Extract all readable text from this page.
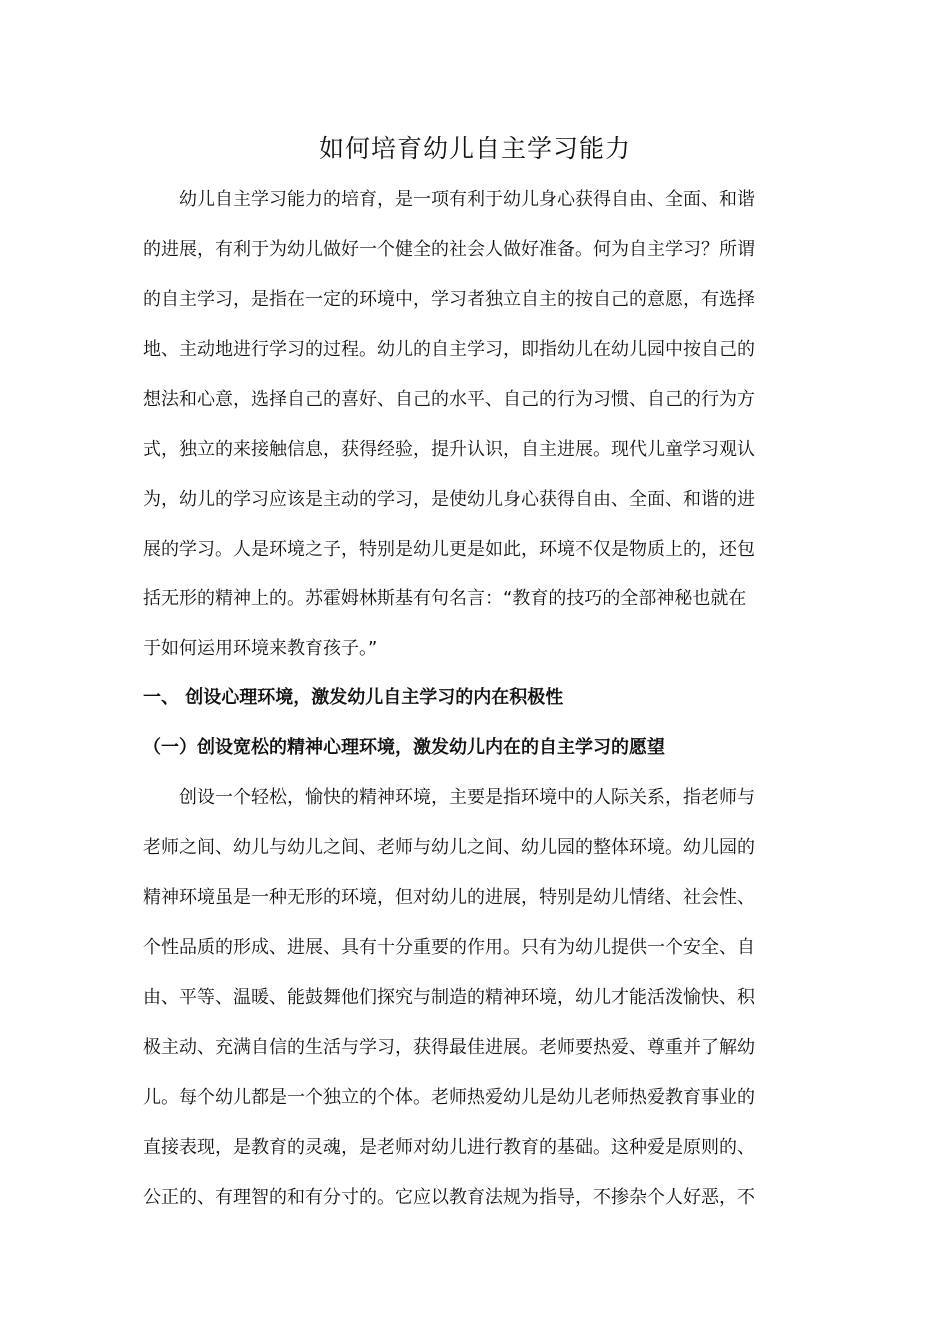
如何培育幼儿自主学习能力
　　幼儿自主学习能力的培育，是一项有利于幼儿身心获得自由、全面、和谐
的进展，有利于为幼儿做好一个健全的社会人做好准备。何为自主学习？所谓
的自主学习，是指在一定的环境中，学习者独立自主的按自己的意愿，有选择
地、主动地进行学习的过程。幼儿的自主学习，即指幼儿在幼儿园中按自己的
想法和心意，选择自己的喜好、自己的水平、自己的行为习惯、自己的行为方
式，独立的来接触信息，获得经验，提升认识，自主进展。现代儿童学习观认
为，幼儿的学习应该是主动的学习，是使幼儿身心获得自由、全面、和谐的进
展的学习。人是环境之子，特别是幼儿更是如此，环境不仅是物质上的，还包
括无形的精神上的。苏霍姆林斯基有句名言：“教育的技巧的全部神秘也就在
于如何运用环境来教育孩子。”
一、 创设心理环境，激发幼儿自主学习的内在积极性
（一）创设宽松的精神心理环境，激发幼儿内在的自主学习的愿望
　　创设一个轻松，愉快的精神环境，主要是指环境中的人际关系，指老师与
老师之间、幼儿与幼儿之间、老师与幼儿之间、幼儿园的整体环境。幼儿园的
精神环境虽是一种无形的环境，但对幼儿的进展，特别是幼儿情绪、社会性、
个性品质的形成、进展、具有十分重要的作用。只有为幼儿提供一个安全、自
由、平等、温暖、能鼓舞他们探究与制造的精神环境，幼儿才能活泼愉快、积
极主动、充满自信的生活与学习，获得最佳进展。老师要热爱、尊重并了解幼
儿。每个幼儿都是一个独立的个体。老师热爱幼儿是幼儿老师热爱教育事业的
直接表现，是教育的灵魂，是老师对幼儿进行教育的基础。这种爱是原则的、
公正的、有理智的和有分寸的。它应以教育法规为指导，不掺杂个人好恶，不
